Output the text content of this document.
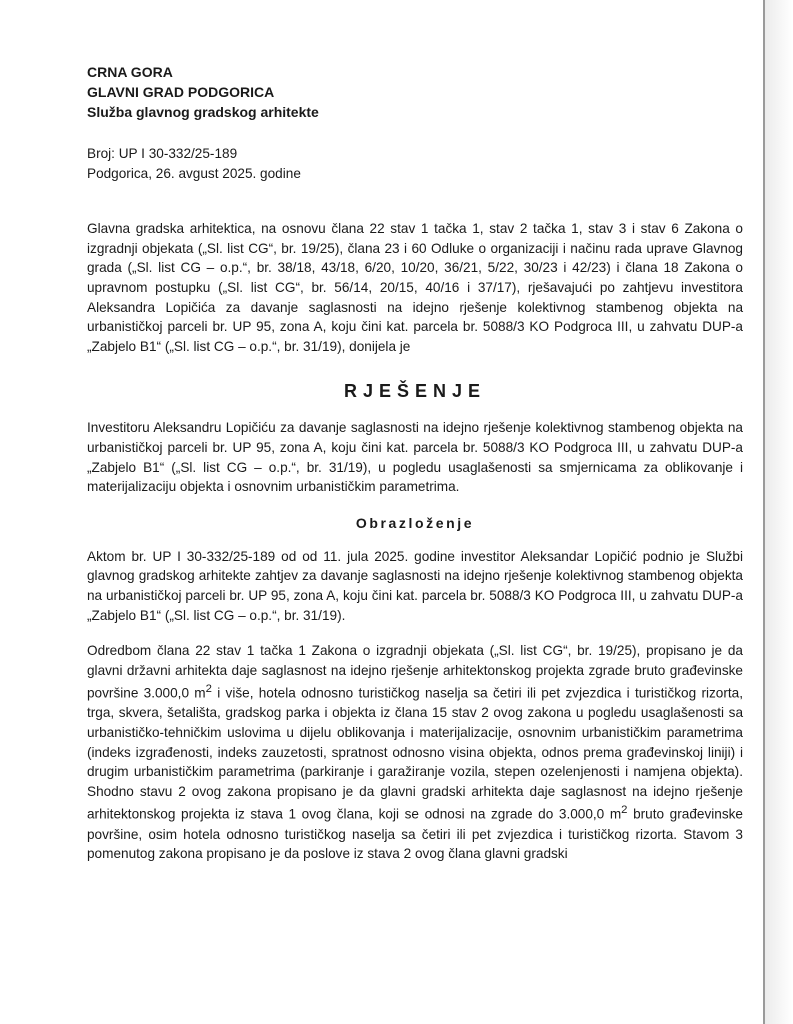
CRNA GORA
GLAVNI GRAD PODGORICA
Služba glavnog gradskog arhitekte
Broj: UP I 30-332/25-189
Podgorica, 26. avgust 2025. godine

Glavna gradska arhitektica, na osnovu člana 22 stav 1 tačka 1, stav 2 tačka 1, stav 3 i stav 6 Zakona o izgradnji objekata („Sl. list CG“, br. 19/25), člana 23 i 60 Odluke o organizaciji i načinu rada uprave Glavnog grada („Sl. list CG – o.p.“, br. 38/18, 43/18, 6/20, 10/20, 36/21, 5/22, 30/23 i 42/23) i člana 18 Zakona o upravnom postupku („Sl. list CG“, br. 56/14, 20/15, 40/16 i 37/17), rješavajući po zahtjevu investitora Aleksandra Lopičića za davanje saglasnosti na idejno rješenje kolektivnog stambenog objekta na urbanističkoj parceli br. UP 95, zona A, koju čini kat. parcela br. 5088/3 KO Podgroca III, u zahvatu DUP-a „Zabjelo B1“ („Sl. list CG – o.p.“, br. 31/19), donijela je

RJEŠENJE

Investitoru Aleksandru Lopičiću za davanje saglasnosti na idejno rješenje kolektivnog stambenog objekta na urbanističkoj parceli br. UP 95, zona A, koju čini kat. parcela br. 5088/3 KO Podgroca III, u zahvatu DUP-a „Zabjelo B1“ („Sl. list CG – o.p.“, br. 31/19), u pogledu usaglašenosti sa smjernicama za oblikovanje i materijalizaciju objekta i osnovnim urbanističkim parametrima.

Obrazloženje

Aktom br. UP I 30-332/25-189 od od 11. jula 2025. godine investitor Aleksandar Lopičić podnio je Službi glavnog gradskog arhitekte zahtjev za davanje saglasnosti na idejno rješenje kolektivnog stambenog objekta na urbanističkoj parceli br. UP 95, zona A, koju čini kat. parcela br. 5088/3 KO Podgroca III, u zahvatu DUP-a „Zabjelo B1“ („Sl. list CG – o.p.“, br. 31/19).

Odredbom člana 22 stav 1 tačka 1 Zakona o izgradnji objekata („Sl. list CG“, br. 19/25), propisano je da glavni državni arhitekta daje saglasnost na idejno rješenje arhitektonskog projekta zgrade bruto građevinske površine 3.000,0 $m^2$ i više, hotela odnosno turističkog naselja sa četiri ili pet zvjezdica i turističkog rizorta, trga, skvera, šetališta, gradskog parka i objekta iz člana 15 stav 2 ovog zakona u pogledu usaglašenosti sa urbanističko-tehničkim uslovima u dijelu oblikovanja i materijalizacije, osnovnim urbanističkim parametrima (indeks izgrađenosti, indeks zauzetosti, spratnost odnosno visina objekta, odnos prema građevinskoj liniji) i drugim urbanističkim parametrima (parkiranje i garažiranje vozila, stepen ozelenjenosti i namjena objekta). Shodno stavu 2 ovog zakona propisano je da glavni gradski arhitekta daje saglasnost na idejno rješenje arhitektonskog projekta iz stava 1 ovog člana, koji se odnosi na zgrade do 3.000,0 $m^2$ bruto građevinske površine, osim hotela odnosno turističkog naselja sa četiri ili pet zvjezdica i turističkog rizorta. Stavom 3 pomenutog zakona propisano je da poslove iz stava 2 ovog člana glavni gradski
